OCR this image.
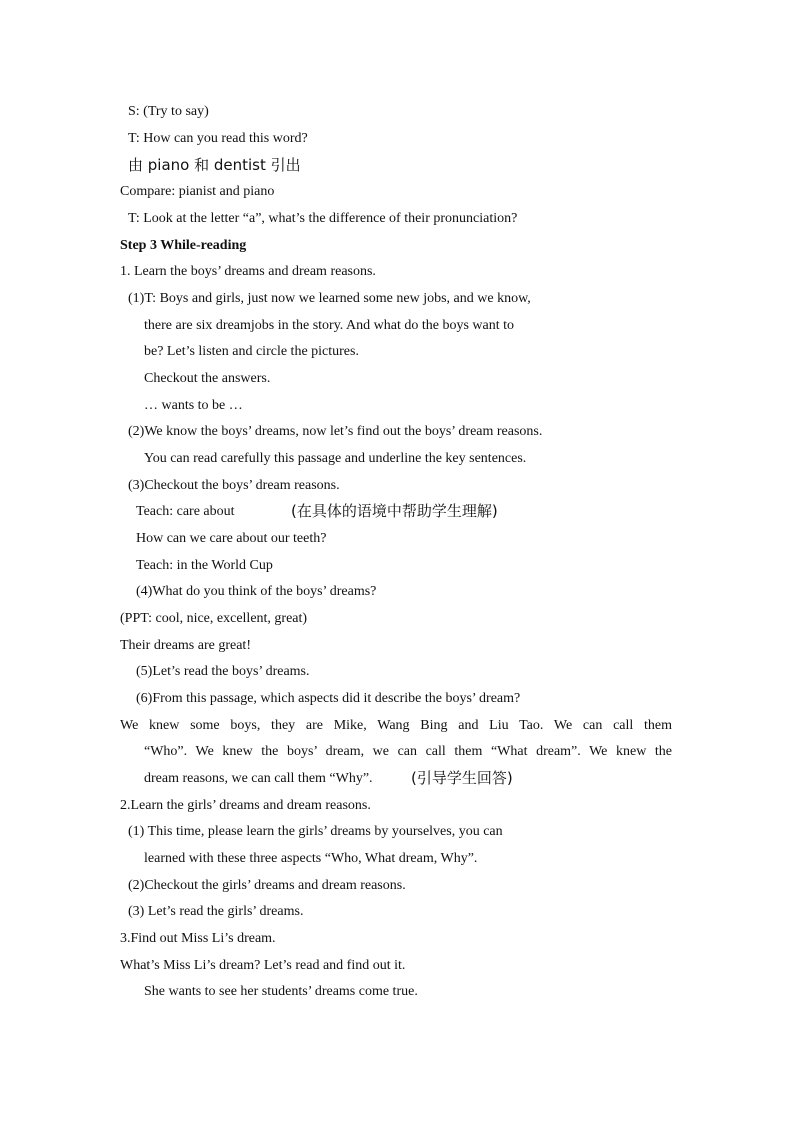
S: (Try to say)
T: How can you read this word?
由 piano 和 dentist 引出
Compare: pianist and piano
T: Look at the letter “a”, what’s the difference of their pronunciation?
Step 3 While-reading
1. Learn the boys’ dreams and dream reasons.
(1)T: Boys and girls, just now we learned some new jobs, and we know,
there are six dreamjobs in the story. And what do the boys want to
be? Let’s listen and circle the pictures.
Checkout the answers.
… wants to be …
(2)We know the boys’ dreams, now let’s find out the boys’ dream reasons.
You can read carefully this passage and underline the key sentences.
(3)Checkout the boys’ dream reasons.
Teach: care about	(在具体的语境中帮助学生理解)
How can we care about our teeth?
Teach: in the World Cup
(4)What do you think of the boys’ dreams?
(PPT: cool, nice, excellent, great)
Their dreams are great!
(5)Let’s read the boys’ dreams.
(6)From this passage, which aspects did it describe the boys’ dream?
We knew some boys, they are Mike, Wang Bing and Liu Tao. We can call them
“Who”. We knew the boys’ dream, we can call them “What dream”. We knew the
dream reasons, we can call them “Why”.	(引导学生回答)
2.Learn the girls’ dreams and dream reasons.
(1) This time, please learn the girls’ dreams by yourselves, you can
learned with these three aspects “Who, What dream, Why”.
(2)Checkout the girls’ dreams and dream reasons.
(3) Let’s read the girls’ dreams.
3.Find out Miss Li’s dream.
What’s Miss Li’s dream? Let’s read and find out it.
She wants to see her students’ dreams come true.
